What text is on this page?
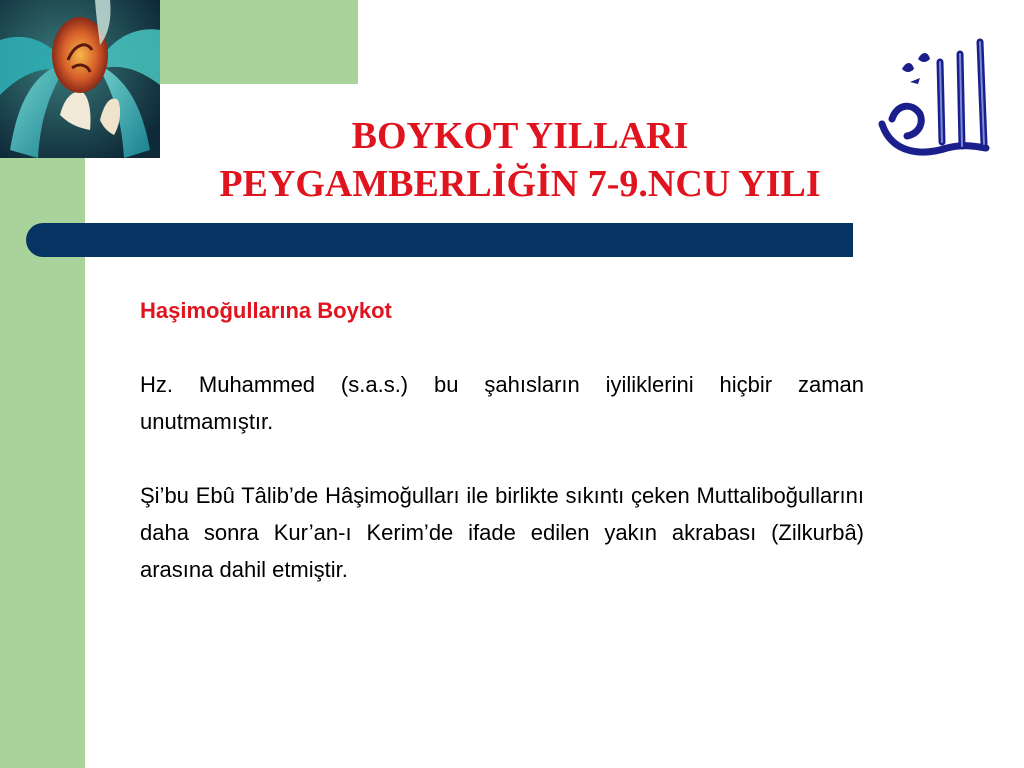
BOYKOT YILLARI
PEYGAMBERLİĞİN 7-9.NCU YILI

Haşimoğullarına Boykot

Hz. Muhammed (s.a.s.) bu şahısların iyiliklerini hiçbir zaman unutmamıştır.

Şi’bu Ebû Tâlib’de Hâşimoğulları ile birlikte sıkıntı çeken Muttaliboğullarını daha sonra Kur’an-ı Kerim’de ifade edilen yakın akrabası (Zilkurbâ) arasına dahil etmiştir.
